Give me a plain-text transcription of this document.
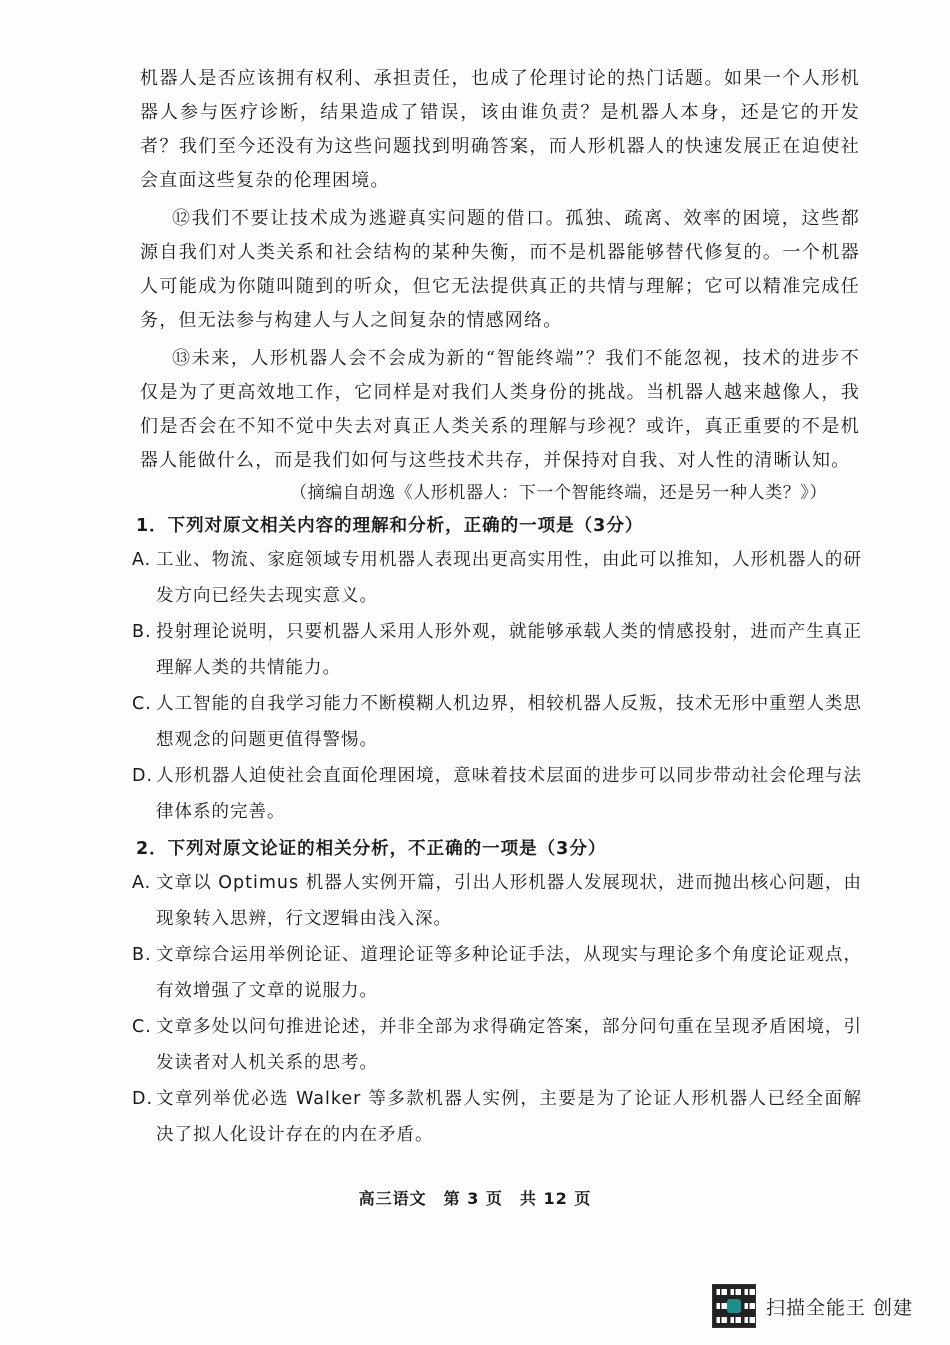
机器人是否应该拥有权利、承担责任，也成了伦理讨论的热门话题。如果一个人形机器人参与医疗诊断，结果造成了错误，该由谁负责？是机器人本身，还是它的开发者？我们至今还没有为这些问题找到明确答案，而人形机器人的快速发展正在迫使社会直面这些复杂的伦理困境。

⑫我们不要让技术成为逃避真实问题的借口。孤独、疏离、效率的困境，这些都源自我们对人类关系和社会结构的某种失衡，而不是机器能够替代修复的。一个机器人可能成为你随叫随到的听众，但它无法提供真正的共情与理解；它可以精准完成任务，但无法参与构建人与人之间复杂的情感网络。

⑬未来，人形机器人会不会成为新的“智能终端”？我们不能忽视，技术的进步不仅是为了更高效地工作，它同样是对我们人类身份的挑战。当机器人越来越像人，我们是否会在不知不觉中失去对真正人类关系的理解与珍视？或许，真正重要的不是机器人能做什么，而是我们如何与这些技术共存，并保持对自我、对人性的清晰认知。

（摘编自胡逸《人形机器人：下一个智能终端，还是另一种人类？》）

1．下列对原文相关内容的理解和分析，正确的一项是（3分）

A. 工业、物流、家庭领域专用机器人表现出更高实用性，由此可以推知，人形机器人的研发方向已经失去现实意义。
B. 投射理论说明，只要机器人采用人形外观，就能够承载人类的情感投射，进而产生真正理解人类的共情能力。
C. 人工智能的自我学习能力不断模糊人机边界，相较机器人反叛，技术无形中重塑人类思想观念的问题更值得警惕。
D. 人形机器人迫使社会直面伦理困境，意味着技术层面的进步可以同步带动社会伦理与法律体系的完善。

2．下列对原文论证的相关分析，不正确的一项是（3分）

A. 文章以 Optimus 机器人实例开篇，引出人形机器人发展现状，进而抛出核心问题，由现象转入思辨，行文逻辑由浅入深。
B. 文章综合运用举例论证、道理论证等多种论证手法，从现实与理论多个角度论证观点，有效增强了文章的说服力。
C. 文章多处以问句推进论述，并非全部为求得确定答案，部分问句重在呈现矛盾困境，引发读者对人机关系的思考。
D. 文章列举优必选 Walker 等多款机器人实例，主要是为了论证人形机器人已经全面解决了拟人化设计存在的内在矛盾。
高三语文　第 3 页　共 12 页
扫描全能王 创建
